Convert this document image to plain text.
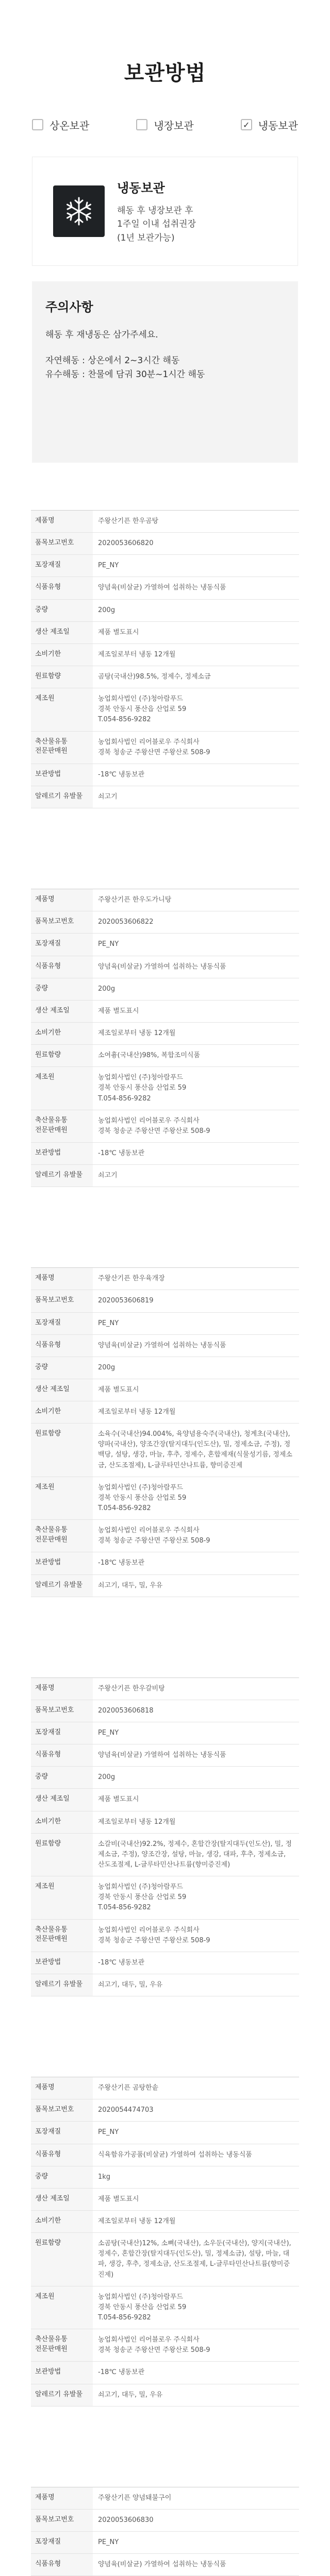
보관방법
상온보관	냉장보관	✓ 냉동보관
냉동보관
해동 후 냉장보관 후
1주일 이내 섭취권장
(1년 보관가능)
주의사항

해동 후 재냉동은 삼가주세요.

자연해동 : 상온에서 2~3시간 해동

유수해동 : 찬물에 담궈 30분~1시간 해동

제품명	주왕산기픈 한우곰탕
품목보고번호	2020053606820
포장재질	PE_NY
식품유형	양념육(비살균) 가열하여 섭취하는 냉동식품
중량	200g
생산 제조일	제품 별도표시
소비기한	제조일로부터 냉동 12개월
원료함량	곰탕(국내산)98.5%, 정제수, 정제소금
제조원	농업회사법인 (주)청아람푸드
경북 안동시 풍산읍 산업로 59
T.054-856-9282
축산물유통
전문판매원
농업회사법인 리어블로우 주식회사
경북 청송군 주왕산면 주왕산로 508-9
보관방법	-18℃ 냉동보관
알레르기 유발물	쇠고기
제품명	주왕산기픈 한우도가니탕
품목보고번호	2020053606822
포장재질	PE_NY
식품유형	양념육(비살균) 가열하여 섭취하는 냉동식품
중량	200g
생산 제조일	제품 별도표시
소비기한	제조일로부터 냉동 12개월
원료함량	소여흉(국내산)98%, 복합조미식품
제조원	농업회사법인 (주)청아람푸드
경북 안동시 풍산읍 산업로 59
T.054-856-9282
축산물유통
전문판매원
농업회사법인 리어블로우 주식회사
경북 청송군 주왕산면 주왕산로 508-9
보관방법	-18℃ 냉동보관
알레르기 유발물	쇠고기
제품명	주왕산기픈 한우육개장
품목보고번호	2020053606819
포장재질	PE_NY
식품유형	양념육(비살균) 가열하여 섭취하는 냉동식품
중량	200g
생산 제조일	제품 별도표시
소비기한	제조일로부터 냉동 12개월
원료함량	소육수(국내산)94.004%, 육양념용숙주(국내산), 청계초(국내산), 양파(국내산), 양조간장(탈지대두(인도산), 밀, 정제소금, 주정), 정백당, 설탕, 생강, 마늘, 후추, 정제수, 혼합제재(식물성기름, 정제소금, 산도조절제), L-글루타민산나트륨, 향미증진제
제조원	농업회사법인 (주)청아람푸드
경북 안동시 풍산읍 산업로 59
T.054-856-9282
축산물유통
전문판매원
농업회사법인 리어블로우 주식회사
경북 청송군 주왕산면 주왕산로 508-9
보관방법	-18℃ 냉동보관
알레르기 유발물	쇠고기, 대두, 밀, 우유
제품명	주왕산기픈 한우갈비탕
품목보고번호	2020053606818
포장재질	PE_NY
식품유형	양념육(비살균) 가열하여 섭취하는 냉동식품
중량	200g
생산 제조일	제품 별도표시
소비기한	제조일로부터 냉동 12개월
원료함량	소갈비(국내산)92.2%, 정제수, 혼합간장(탈지대두(인도산), 밀, 정제소금, 주정), 양조간장, 설탕, 마늘, 생강, 대파, 후추, 정제소금, 산도조절제, L-글루타민산나트륨(향미증진제)
제조원	농업회사법인 (주)청아람푸드
경북 안동시 풍산읍 산업로 59
T.054-856-9282
축산물유통
전문판매원
농업회사법인 리어블로우 주식회사
경북 청송군 주왕산면 주왕산로 508-9
보관방법	-18℃ 냉동보관
알레르기 유발물	쇠고기, 대두, 밀, 우유
제품명	주왕산기픈 곰탕한솥
품목보고번호	2020054474703
포장재질	PE_NY
식품유형	식육함유가공품(비살균) 가열하여 섭취하는 냉동식품
중량	1kg
생산 제조일	제품 별도표시
소비기한	제조일로부터 냉동 12개월
원료함량	소곰탕(국내산)12%, 소뼈(국내산), 소우둔(국내산), 양지(국내산), 정제수, 혼합간장(탈지대두(인도산), 밀, 정제소금), 설탕, 마늘, 대파, 생강, 후추, 정제소금, 산도조절제, L-글루타민산나트륨(향미증진제)
제조원	농업회사법인 (주)청아람푸드
경북 안동시 풍산읍 산업로 59
T.054-856-9282
축산물유통
전문판매원
농업회사법인 리어블로우 주식회사
경북 청송군 주왕산면 주왕산로 508-9
보관방법	-18℃ 냉동보관
알레르기 유발물	쇠고기, 대두, 밀, 우유
제품명	주왕산기픈 양념돼불구이
품목보고번호	2020053606830
포장재질	PE_NY
식품유형	양념육(비살균) 가열하여 섭취하는 냉동식품
